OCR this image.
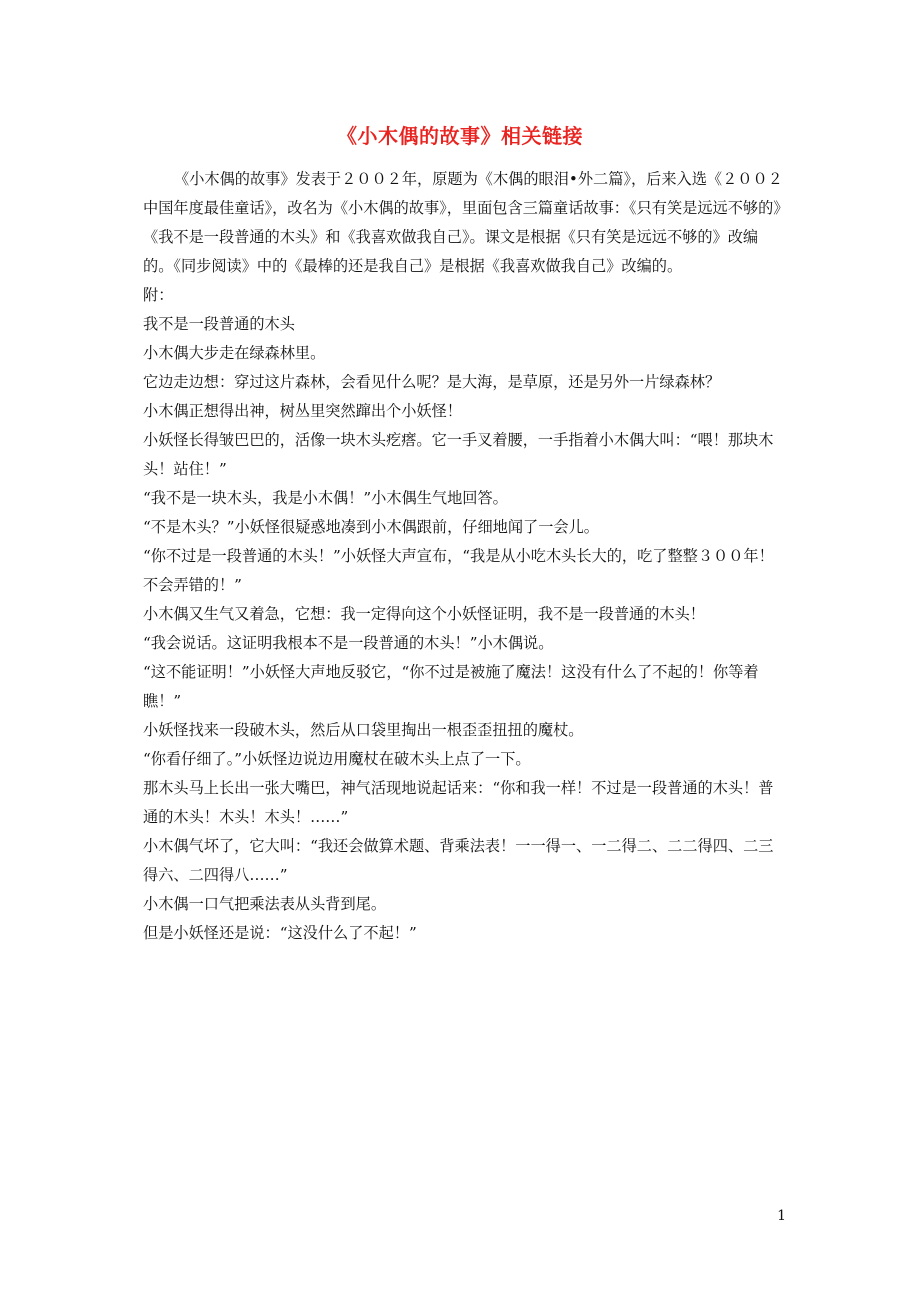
《小木偶的故事》相关链接

《小木偶的故事》发表于２００２年，原题为《木偶的眼泪•外二篇》，后来入选《２００２中国年度最佳童话》，改名为《小木偶的故事》，里面包含三篇童话故事：《只有笑是远远不够的》《我不是一段普通的木头》和《我喜欢做我自己》。课文是根据《只有笑是远远不够的》改编的。《同步阅读》中的《最棒的还是我自己》是根据《我喜欢做我自己》改编的。

附：

我不是一段普通的木头

小木偶大步走在绿森林里。

它边走边想：穿过这片森林，会看见什么呢？是大海，是草原，还是另外一片绿森林？

小木偶正想得出神，树丛里突然蹿出个小妖怪！

小妖怪长得皱巴巴的，活像一块木头疙瘩。它一手叉着腰，一手指着小木偶大叫：“喂！那块木头！站住！”

“我不是一块木头，我是小木偶！”小木偶生气地回答。

“不是木头？”小妖怪很疑惑地凑到小木偶跟前，仔细地闻了一会儿。

“你不过是一段普通的木头！”小妖怪大声宣布，“我是从小吃木头长大的，吃了整整３００年！不会弄错的！”

小木偶又生气又着急，它想：我一定得向这个小妖怪证明，我不是一段普通的木头！

“我会说话。这证明我根本不是一段普通的木头！”小木偶说。

“这不能证明！”小妖怪大声地反驳它，“你不过是被施了魔法！这没有什么了不起的！你等着瞧！”

小妖怪找来一段破木头，然后从口袋里掏出一根歪歪扭扭的魔杖。

“你看仔细了。”小妖怪边说边用魔杖在破木头上点了一下。

那木头马上长出一张大嘴巴，神气活现地说起话来：“你和我一样！不过是一段普通的木头！普通的木头！木头！木头！……”

小木偶气坏了，它大叫：“我还会做算术题、背乘法表！一一得一、一二得二、二二得四、二三得六、二四得八……”

小木偶一口气把乘法表从头背到尾。

但是小妖怪还是说：“这没什么了不起！”

1
